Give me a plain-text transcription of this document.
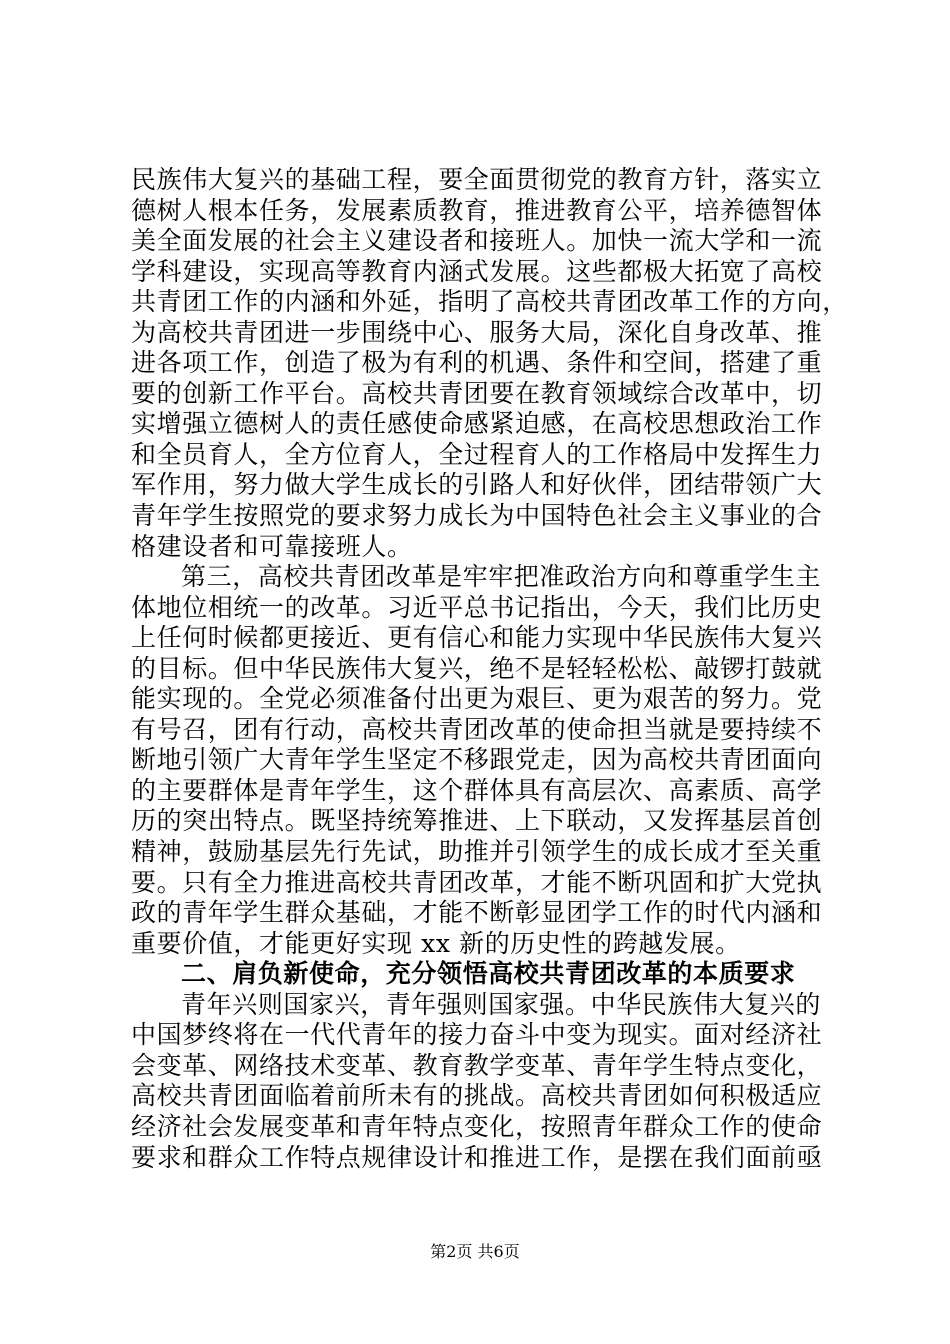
民族伟大复兴的基础工程，要全面贯彻党的教育方针，落实立
德树人根本任务，发展素质教育，推进教育公平，培养德智体
美全面发展的社会主义建设者和接班人。加快一流大学和一流
学科建设，实现高等教育内涵式发展。这些都极大拓宽了高校
共青团工作的内涵和外延，指明了高校共青团改革工作的方向，
为高校共青团进一步围绕中心、服务大局，深化自身改革、推
进各项工作，创造了极为有利的机遇、条件和空间，搭建了重
要的创新工作平台。高校共青团要在教育领域综合改革中，切
实增强立德树人的责任感使命感紧迫感，在高校思想政治工作
和全员育人，全方位育人，全过程育人的工作格局中发挥生力
军作用，努力做大学生成长的引路人和好伙伴，团结带领广大
青年学生按照党的要求努力成长为中国特色社会主义事业的合
格建设者和可靠接班人。
第三，高校共青团改革是牢牢把准政治方向和尊重学生主
体地位相统一的改革。习近平总书记指出，今天，我们比历史
上任何时候都更接近、更有信心和能力实现中华民族伟大复兴
的目标。但中华民族伟大复兴，绝不是轻轻松松、敲锣打鼓就
能实现的。全党必须准备付出更为艰巨、更为艰苦的努力。党
有号召，团有行动，高校共青团改革的使命担当就是要持续不
断地引领广大青年学生坚定不移跟党走，因为高校共青团面向
的主要群体是青年学生，这个群体具有高层次、高素质、高学
历的突出特点。既坚持统筹推进、上下联动，又发挥基层首创
精神，鼓励基层先行先试，助推并引领学生的成长成才至关重
要。只有全力推进高校共青团改革，才能不断巩固和扩大党执
政的青年学生群众基础，才能不断彰显团学工作的时代内涵和
重要价值，才能更好实现 xx 新的历史性的跨越发展。
二、肩负新使命，充分领悟高校共青团改革的本质要求
青年兴则国家兴，青年强则国家强。中华民族伟大复兴的
中国梦终将在一代代青年的接力奋斗中变为现实。面对经济社
会变革、网络技术变革、教育教学变革、青年学生特点变化，
高校共青团面临着前所未有的挑战。高校共青团如何积极适应
经济社会发展变革和青年特点变化，按照青年群众工作的使命
要求和群众工作特点规律设计和推进工作，是摆在我们面前亟
第2页 共6页
